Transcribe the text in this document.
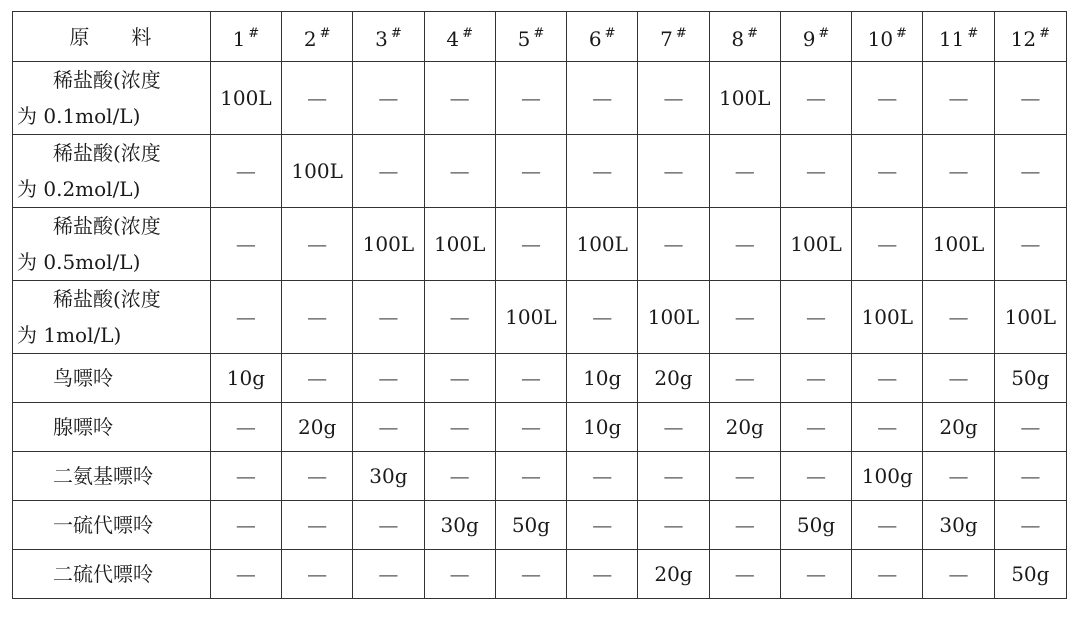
原 料	1 #	2 #	3 #	4 #	5 #	6 #	7 #	8 #	9 #	10 #	11 #	12 #

稀盐酸(浓度
为 0.1mol/L)	100L	—	—	—	—	—	—	100L	—	—	—	—

稀盐酸(浓度
为 0.2mol/L)	—	100L	—	—	—	—	—	—	—	—	—	—

稀盐酸(浓度
为 0.5mol/L)	—	—	100L	100L	—	100L	—	—	100L	—	100L	—

稀盐酸(浓度
为 1mol/L)	—	—	—	—	100L	—	100L	—	—	100L	—	100L
鸟嘌呤	10g	—	—	—	—	10g	20g	—	—	—	—	50g
腺嘌呤	—	20g	—	—	—	10g	—	20g	—	—	20g	—
二氨基嘌呤	—	—	30g	—	—	—	—	—	—	100g	—	—
一硫代嘌呤	—	—	—	30g	50g	—	—	—	50g	—	30g	—
二硫代嘌呤	—	—	—	—	—	—	20g	—	—	—	—	50g
